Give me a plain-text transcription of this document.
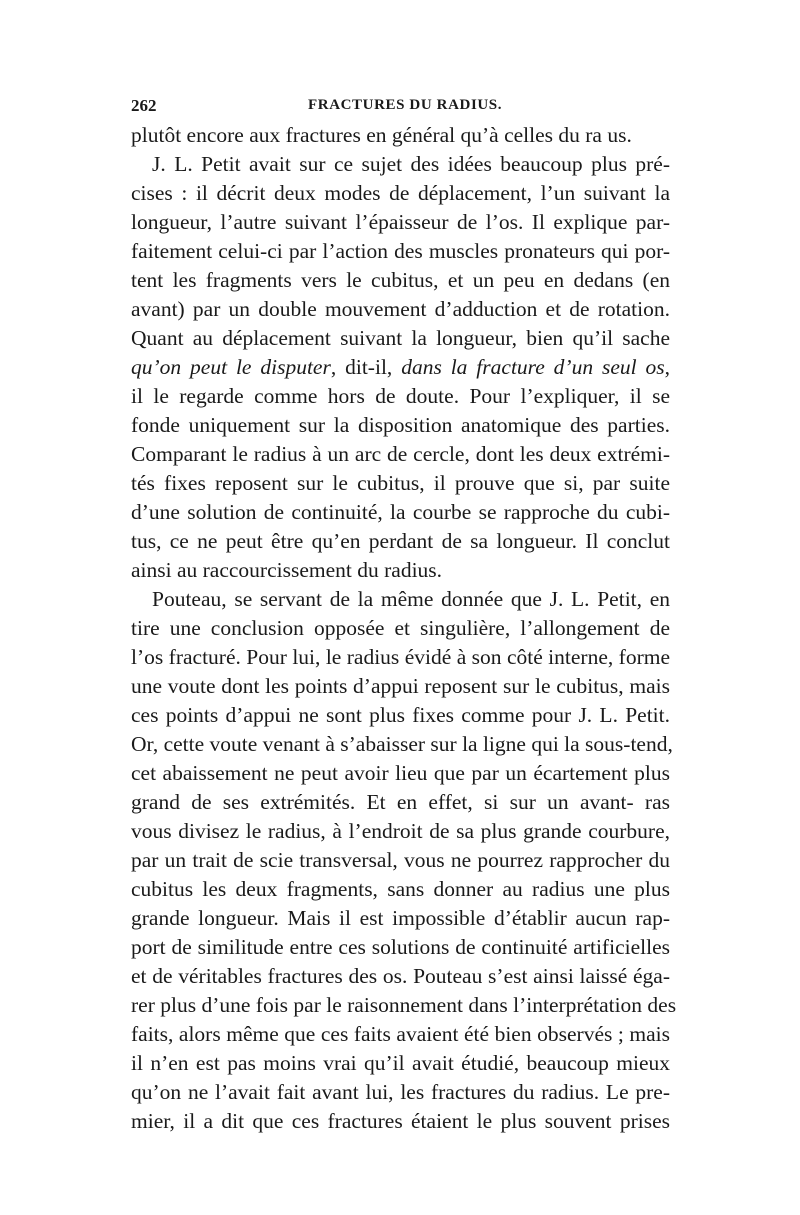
262	FRACTURES DU RADIUS.
plutôt encore aux fractures en général qu’à celles du ra us.
J. L. Petit avait sur ce sujet des idées beaucoup plus pré-
cises : il décrit deux modes de déplacement, l’un suivant la
longueur, l’autre suivant l’épaisseur de l’os. Il explique par-
faitement celui-ci par l’action des muscles pronateurs qui por-
tent les fragments vers le cubitus, et un peu en dedans (en
avant) par un double mouvement d’adduction et de rotation.
Quant au déplacement suivant la longueur, bien qu’il sache
qu’on peut le disputer, dit-il, dans la fracture d’un seul os,
il le regarde comme hors de doute. Pour l’expliquer, il se
fonde uniquement sur la disposition anatomique des parties.
Comparant le radius à un arc de cercle, dont les deux extrémi-
tés fixes reposent sur le cubitus, il prouve que si, par suite
d’une solution de continuité, la courbe se rapproche du cubi-
tus, ce ne peut être qu’en perdant de sa longueur. Il conclut
ainsi au raccourcissement du radius.
Pouteau, se servant de la même donnée que J. L. Petit, en
tire une conclusion opposée et singulière, l’allongement de
l’os fracturé. Pour lui, le radius évidé à son côté interne, forme
une voute dont les points d’appui reposent sur le cubitus, mais
ces points d’appui ne sont plus fixes comme pour J. L. Petit.
Or, cette voute venant à s’abaisser sur la ligne qui la sous-tend,
cet abaissement ne peut avoir lieu que par un écartement plus
grand de ses extrémités. Et en effet, si sur un avant- ras
vous divisez le radius, à l’endroit de sa plus grande courbure,
par un trait de scie transversal, vous ne pourrez rapprocher du
cubitus les deux fragments, sans donner au radius une plus
grande longueur. Mais il est impossible d’établir aucun rap-
port de similitude entre ces solutions de continuité artificielles
et de véritables fractures des os. Pouteau s’est ainsi laissé éga-
rer plus d’une fois par le raisonnement dans l’interprétation des
faits, alors même que ces faits avaient été bien observés ; mais
il n’en est pas moins vrai qu’il avait étudié, beaucoup mieux
qu’on ne l’avait fait avant lui, les fractures du radius. Le pre-
mier, il a dit que ces fractures étaient le plus souvent prises
